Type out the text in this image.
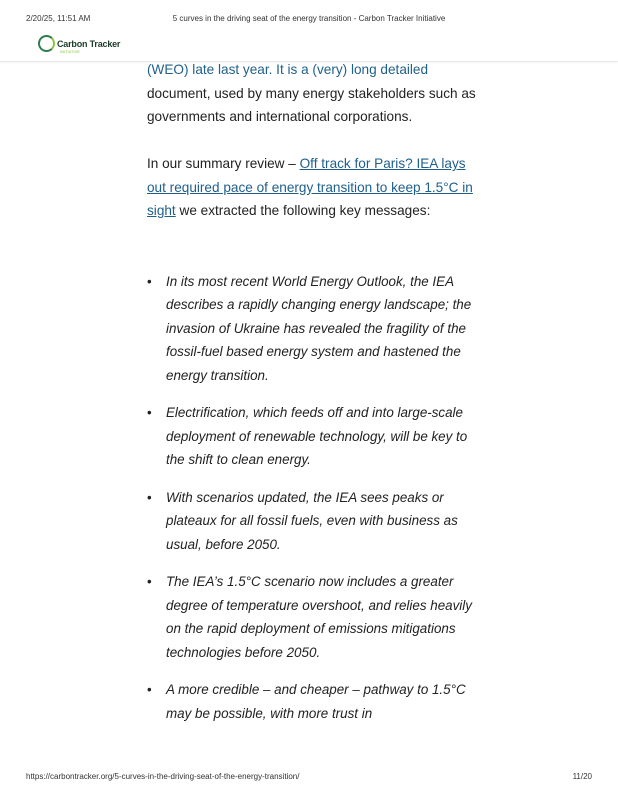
2/20/25, 11:51 AM	5 curves in the driving seat of the energy transition - Carbon Tracker Initiative
Carbon Tracker
INITIATIVE

(WEO) late last year. It is a (very) long detailed document, used by many energy stakeholders such as governments and international corporations.

In our summary review – Off track for Paris? IEA lays out required pace of energy transition to keep 1.5°C in sight we extracted the following key messages:

• In its most recent World Energy Outlook, the IEA describes a rapidly changing energy landscape; the invasion of Ukraine has revealed the fragility of the fossil-fuel based energy system and hastened the energy transition.
• Electrification, which feeds off and into large-scale deployment of renewable technology, will be key to the shift to clean energy.
• With scenarios updated, the IEA sees peaks or plateaux for all fossil fuels, even with business as usual, before 2050.
• The IEA’s 1.5°C scenario now includes a greater degree of temperature overshoot, and relies heavily on the rapid deployment of emissions mitigations technologies before 2050.
• A more credible – and cheaper – pathway to 1.5°C may be possible, with more trust in
https://carbontracker.org/5-curves-in-the-driving-seat-of-the-energy-transition/	11/20
